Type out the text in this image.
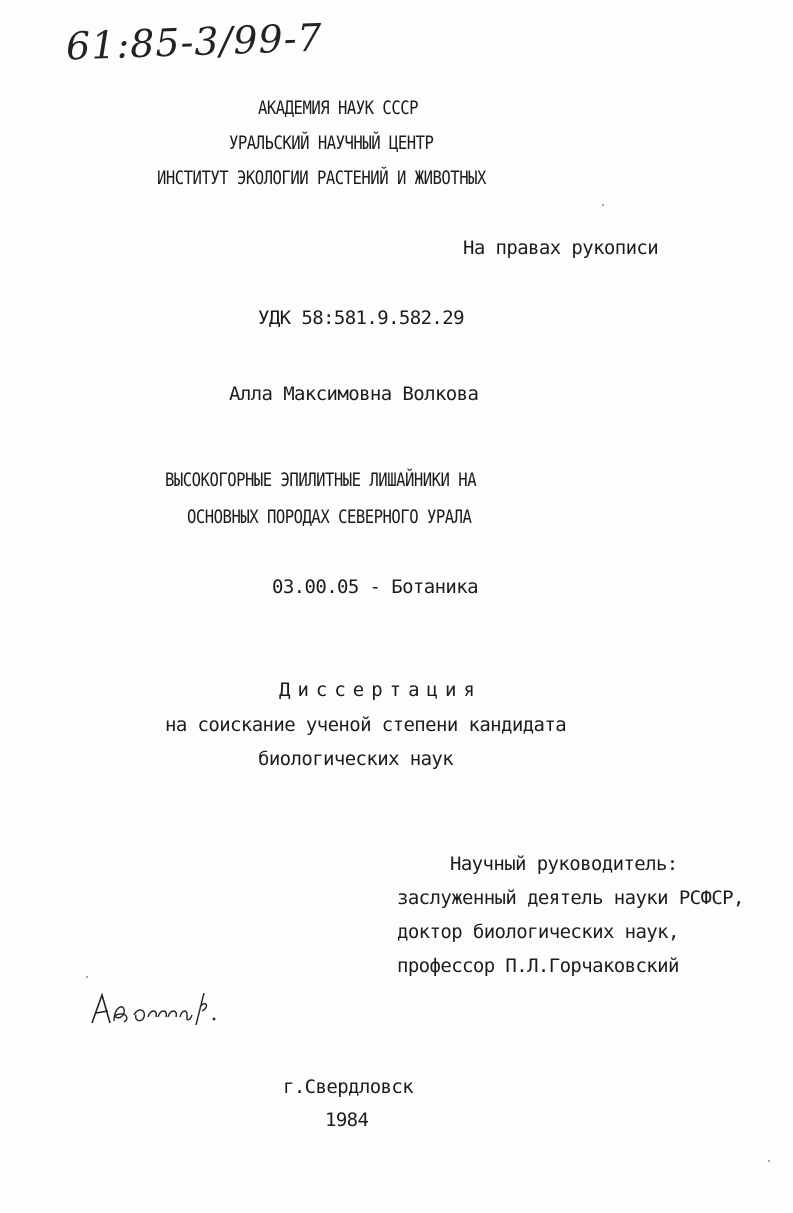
61:85-3/99-7
АКАДЕМИЯ НАУК СССР
УРАЛЬСКИЙ НАУЧНЫЙ ЦЕНТР
ИНСТИТУТ ЭКОЛОГИИ РАСТЕНИЙ И ЖИВОТНЫХ
На правах рукописи
УДК 58:581.9.582.29
Алла Максимовна Волкова
ВЫСОКОГОРНЫЕ ЭПИЛИТНЫЕ ЛИШАЙНИКИ НА
ОСНОВНЫХ ПОРОДАХ СЕВЕРНОГО УРАЛА
03.00.05 - Ботаника
Диссертация
на соискание ученой степени кандидата
биологических наук
Научный руководитель:
заслуженный деятель науки РСФСР,
доктор биологических наук,
профессор П.Л.Горчаковский
г.Свердловск
1984
